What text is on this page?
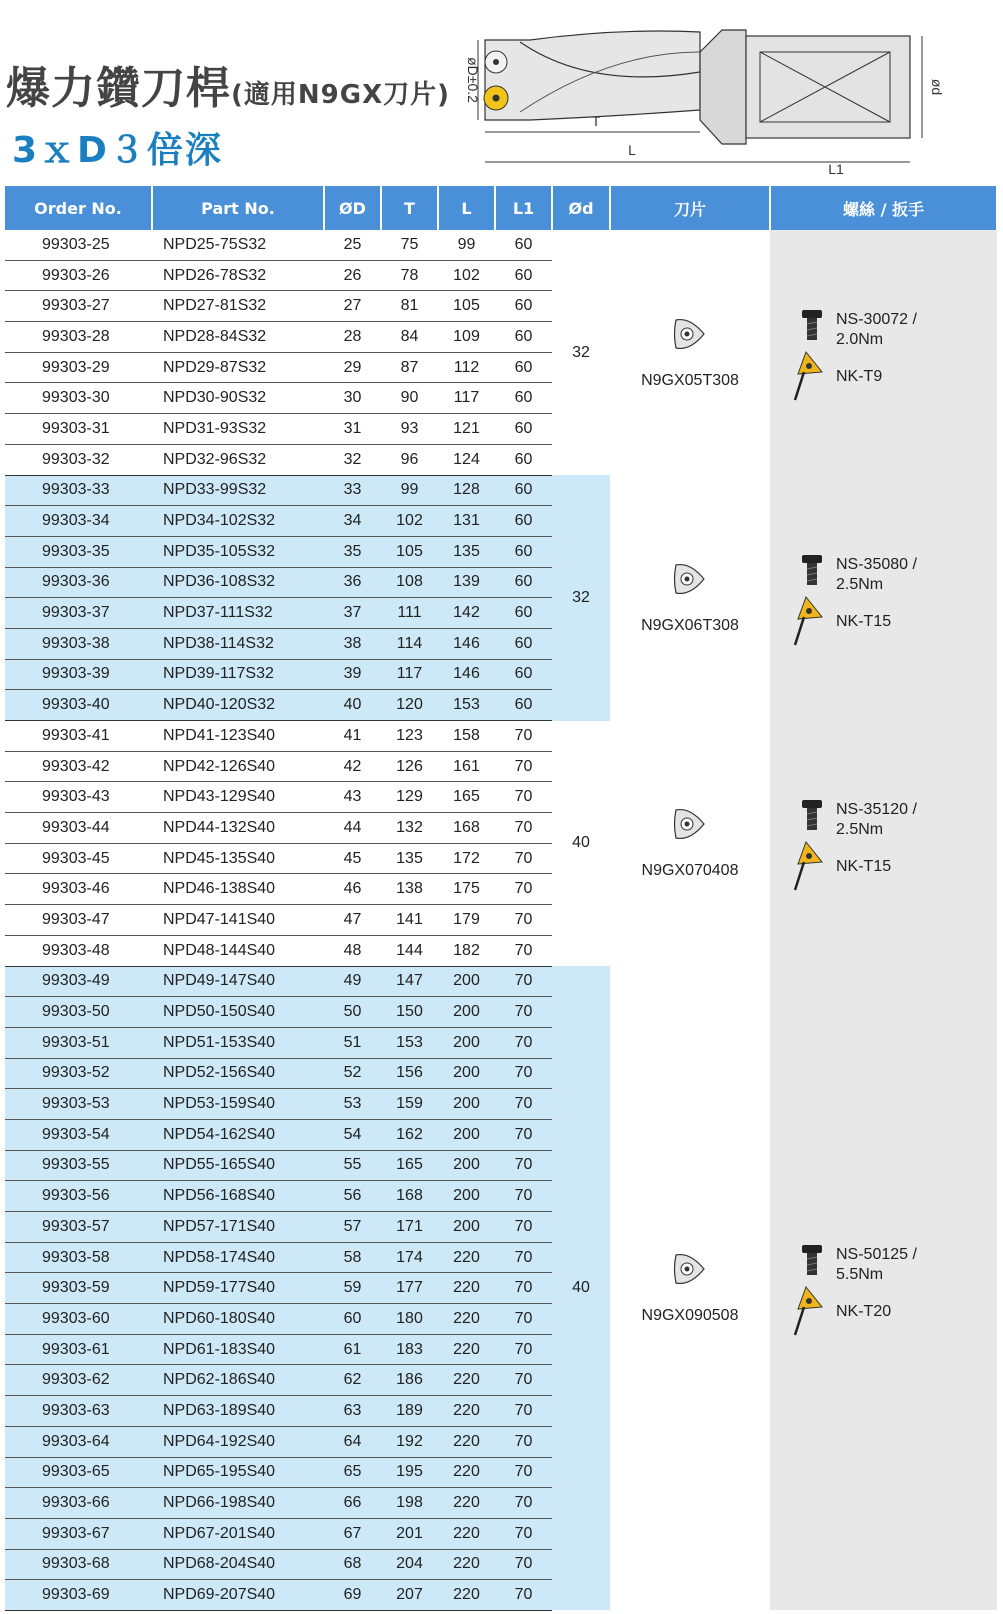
爆力鑽刀桿(適用N9GX刀片)
3ｘD３倍深
øD±0.2	ød
T
L
L1
Order No.	Part No.	ØD	T	L	L1	Ød	刀片	螺絲 / 扳手
99303-25	NPD25-75S32	25	75	99	60	32	N9GX05T308	NS-30072 /
2.0Nm
NK-T9

99303-26	NPD26-78S32	26	78	102	60			
99303-27	NPD27-81S32	27	81	105	60			
99303-28	NPD28-84S32	28	84	109	60			
99303-29	NPD29-87S32	29	87	112	60			
99303-30	NPD30-90S32	30	90	117	60			
99303-31	NPD31-93S32	31	93	121	60			
99303-32	NPD32-96S32	32	96	124	60			
99303-33	NPD33-99S32	33	99	128	60	32	N9GX06T308	NS-35080 /
2.5Nm
NK-T15

99303-34	NPD34-102S32	34	102	131	60			
99303-35	NPD35-105S32	35	105	135	60			
99303-36	NPD36-108S32	36	108	139	60			
99303-37	NPD37-111S32	37	111	142	60			
99303-38	NPD38-114S32	38	114	146	60			
99303-39	NPD39-117S32	39	117	146	60			
99303-40	NPD40-120S32	40	120	153	60			
99303-41	NPD41-123S40	41	123	158	70	40	N9GX070408	NS-35120 /
2.5Nm
NK-T15

99303-42	NPD42-126S40	42	126	161	70			
99303-43	NPD43-129S40	43	129	165	70			
99303-44	NPD44-132S40	44	132	168	70			
99303-45	NPD45-135S40	45	135	172	70			
99303-46	NPD46-138S40	46	138	175	70			
99303-47	NPD47-141S40	47	141	179	70			
99303-48	NPD48-144S40	48	144	182	70			
99303-49	NPD49-147S40	49	147	200	70	40	N9GX090508	NS-50125 /
5.5Nm
NK-T20

99303-50	NPD50-150S40	50	150	200	70			
99303-51	NPD51-153S40	51	153	200	70			
99303-52	NPD52-156S40	52	156	200	70			
99303-53	NPD53-159S40	53	159	200	70			
99303-54	NPD54-162S40	54	162	200	70			
99303-55	NPD55-165S40	55	165	200	70			
99303-56	NPD56-168S40	56	168	200	70			
99303-57	NPD57-171S40	57	171	200	70			
99303-58	NPD58-174S40	58	174	220	70			
99303-59	NPD59-177S40	59	177	220	70			
99303-60	NPD60-180S40	60	180	220	70			
99303-61	NPD61-183S40	61	183	220	70			
99303-62	NPD62-186S40	62	186	220	70			
99303-63	NPD63-189S40	63	189	220	70			
99303-64	NPD64-192S40	64	192	220	70			
99303-65	NPD65-195S40	65	195	220	70			
99303-66	NPD66-198S40	66	198	220	70			
99303-67	NPD67-201S40	67	201	220	70			
99303-68	NPD68-204S40	68	204	220	70			
99303-69	NPD69-207S40	69	207	220	70			
